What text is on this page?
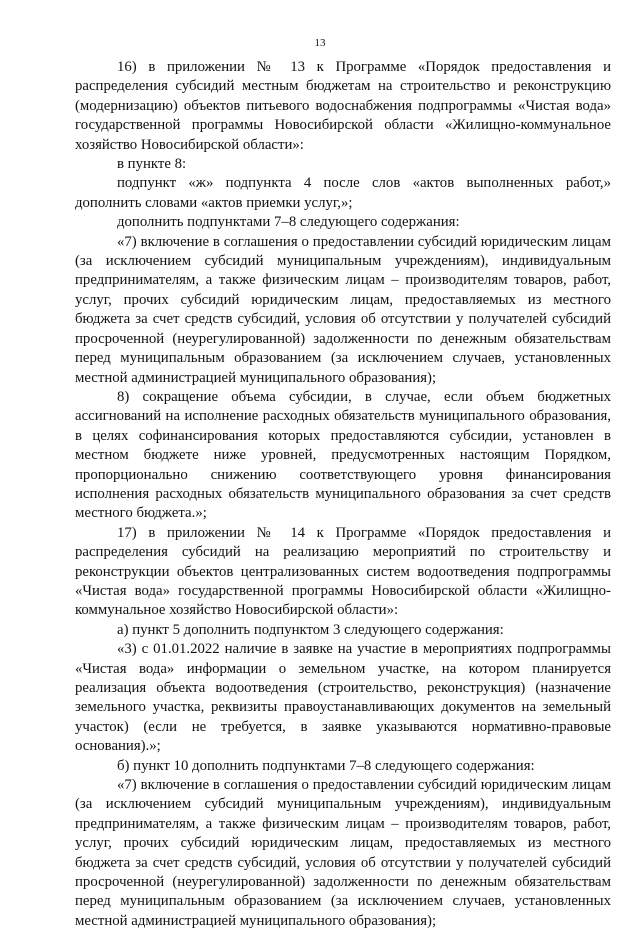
13

16) в приложении № 13 к Программе «Порядок предоставления и распределения субсидий местным бюджетам на строительство и реконструкцию (модернизацию) объектов питьевого водоснабжения подпрограммы «Чистая вода» государственной программы Новосибирской области «Жилищно-коммунальное хозяйство Новосибирской области»:

в пункте 8:

подпункт «ж» подпункта 4 после слов «актов выполненных работ,» дополнить словами «актов приемки услуг,»;

дополнить подпунктами 7–8 следующего содержания:

«7) включение в соглашения о предоставлении субсидий юридическим лицам (за исключением субсидий муниципальным учреждениям), индивидуальным предпринимателям, а также физическим лицам – производителям товаров, работ, услуг, прочих субсидий юридическим лицам, предоставляемых из местного бюджета за счет средств субсидий, условия об отсутствии у получателей субсидий просроченной (неурегулированной) задолженности по денежным обязательствам перед муниципальным образованием (за исключением случаев, установленных местной администрацией муниципального образования);

8) сокращение объема субсидии, в случае, если объем бюджетных ассигнований на исполнение расходных обязательств муниципального образования, в целях софинансирования которых предоставляются субсидии, установлен в местном бюджете ниже уровней, предусмотренных настоящим Порядком, пропорционально снижению соответствующего уровня финансирования исполнения расходных обязательств муниципального образования за счет средств местного бюджета.»;

17) в приложении № 14 к Программе «Порядок предоставления и распределения субсидий на реализацию мероприятий по строительству и реконструкции объектов централизованных систем водоотведения подпрограммы «Чистая вода» государственной программы Новосибирской области «Жилищно-коммунальное хозяйство Новосибирской области»:

а) пункт 5 дополнить подпунктом 3 следующего содержания:

«3) с 01.01.2022 наличие в заявке на участие в мероприятиях подпрограммы «Чистая вода» информации о земельном участке, на котором планируется реализация объекта водоотведения (строительство, реконструкция) (назначение земельного участка, реквизиты правоустанавливающих документов на земельный участок) (если не требуется, в заявке указываются нормативно-правовые основания).»;

б) пункт 10 дополнить подпунктами 7–8 следующего содержания:

«7) включение в соглашения о предоставлении субсидий юридическим лицам (за исключением субсидий муниципальным учреждениям), индивидуальным предпринимателям, а также физическим лицам – производителям товаров, работ, услуг, прочих субсидий юридическим лицам, предоставляемых из местного бюджета за счет средств субсидий, условия об отсутствии у получателей субсидий просроченной (неурегулированной) задолженности по денежным обязательствам перед муниципальным образованием (за исключением случаев, установленных местной администрацией муниципального образования);
